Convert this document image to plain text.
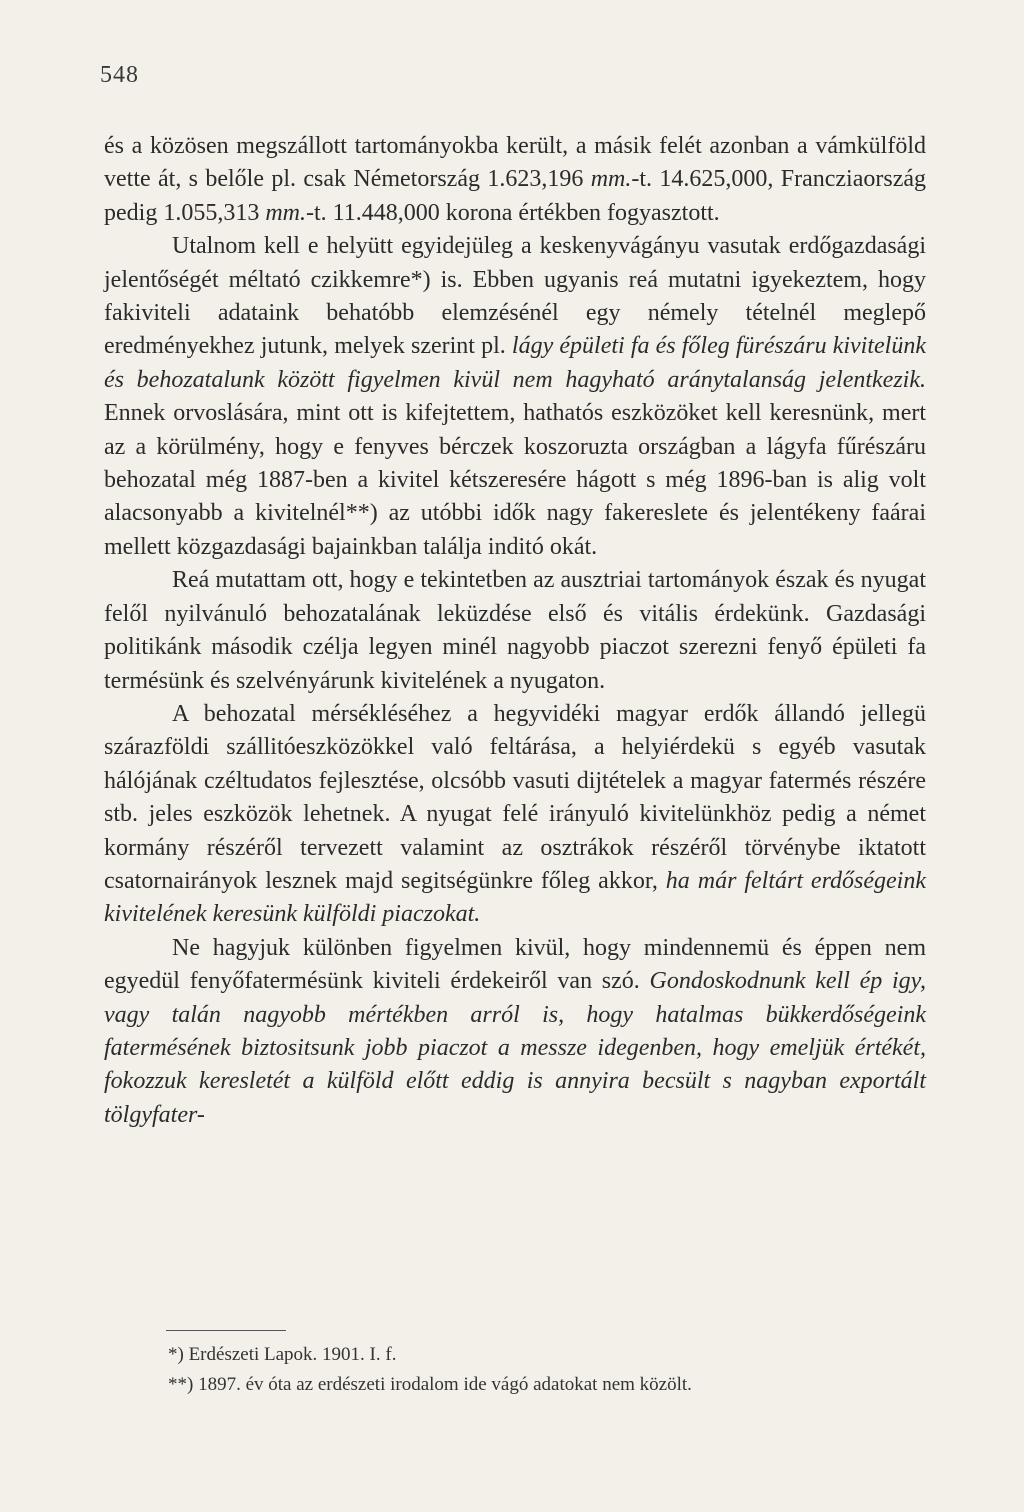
548

és a közösen megszállott tartományokba került, a másik felét azonban a vámkülföld vette át, s belőle pl. csak Németország 1.623,196 mm.-t. 14.625,000, Francziaország pedig 1.055,313 mm.-t. 11.448,000 korona értékben fogyasztott.

Utalnom kell e helyütt egyidejüleg a keskenyvágányu vasutak erdőgazdasági jelentőségét méltató czikkemre*) is. Ebben ugyanis reá mutatni igyekeztem, hogy fakiviteli adataink behatóbb elemzésénél egy némely tételnél meglepő eredményekhez jutunk, melyek szerint pl. lágy épületi fa és főleg fürészáru kivitelünk és behozatalunk között figyelmen kivül nem hagyható aránytalanság jelentkezik. Ennek orvoslására, mint ott is kifejtettem, hathatós eszközöket kell keresnünk, mert az a körülmény, hogy e fenyves bérczek koszoruzta országban a lágyfa fűrészáru behozatal még 1887-ben a kivitel kétszeresére hágott s még 1896-ban is alig volt alacsonyabb a kivitelnél**) az utóbbi idők nagy fakereslete és jelentékeny faárai mellett közgazdasági bajainkban találja inditó okát.

Reá mutattam ott, hogy e tekintetben az ausztriai tartományok észak és nyugat felől nyilvánuló behozatalának leküzdése első és vitális érdekünk. Gazdasági politikánk második czélja legyen minél nagyobb piaczot szerezni fenyő épületi fa termésünk és szelvényárunk kivitelének a nyugaton.

A behozatal mérsékléséhez a hegyvidéki magyar erdők állandó jellegü szárazföldi szállitóeszközökkel való feltárása, a helyiérdekü s egyéb vasutak hálójának czéltudatos fejlesztése, olcsóbb vasuti dijtételek a magyar fatermés részére stb. jeles eszközök lehetnek. A nyugat felé irányuló kivitelünkhöz pedig a német kormány részéről tervezett valamint az osztrákok részéről törvénybe iktatott csatornairányok lesznek majd segitségünkre főleg akkor, ha már feltárt erdőségeink kivitelének keresünk külföldi piaczokat.

Ne hagyjuk különben figyelmen kivül, hogy mindennemü és éppen nem egyedül fenyőfatermésünk kiviteli érdekeiről van szó. Gondoskodnunk kell ép igy, vagy talán nagyobb mértékben arról is, hogy hatalmas bükkerdőségeink fatermésének biztositsunk jobb piaczot a messze idegenben, hogy emeljük értékét, fokozzuk keresletét a külföld előtt eddig is annyira becsült s nagyban exportált tölgyfater-

*) Erdészeti Lapok. 1901. I. f.
**) 1897. év óta az erdészeti irodalom ide vágó adatokat nem közölt.
